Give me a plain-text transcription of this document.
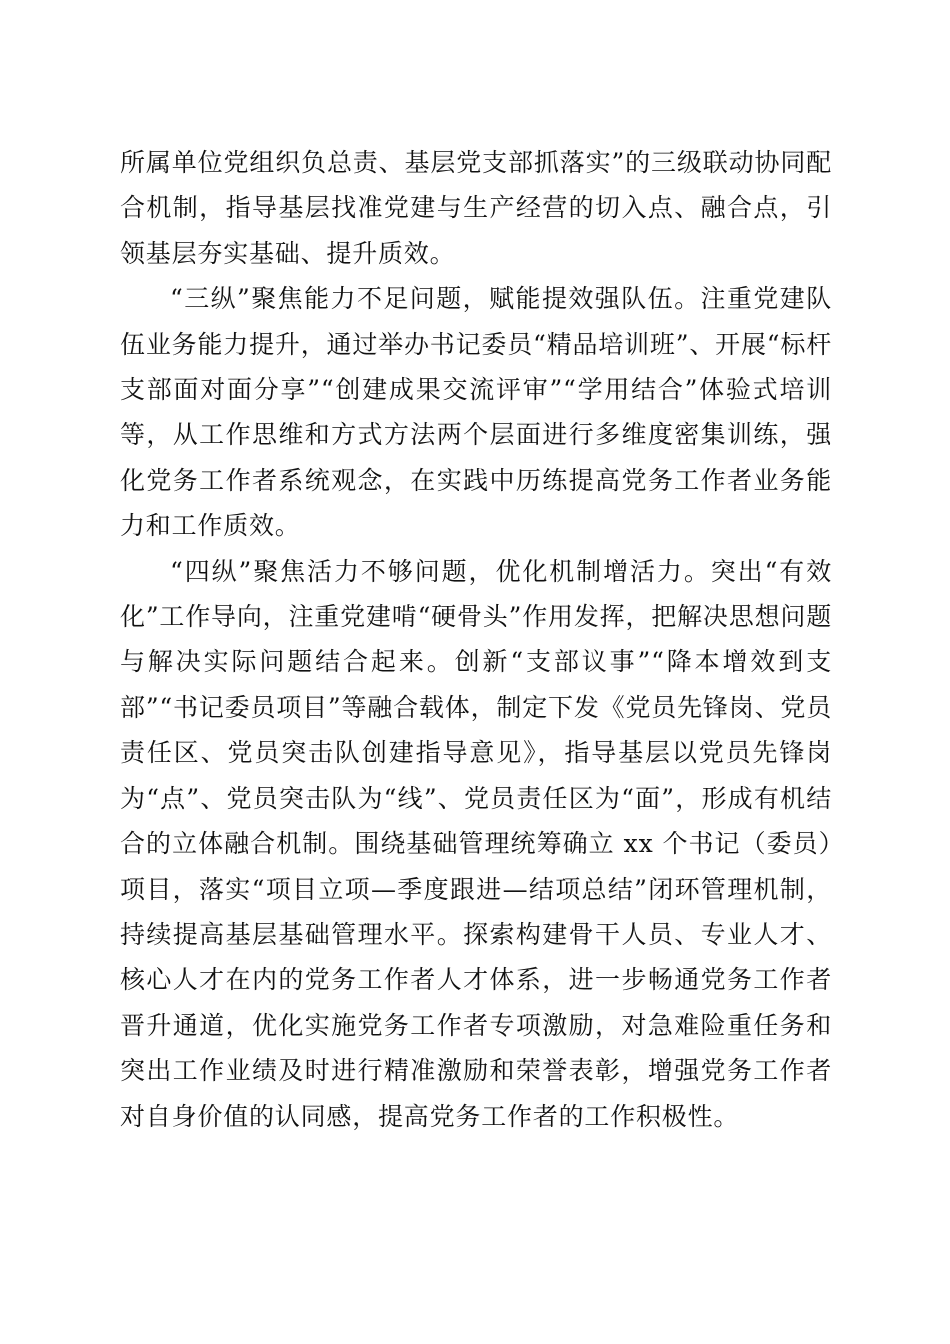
所属单位党组织负总责、基层党支部抓落实”的三级联动协同配合机制，指导基层找准党建与生产经营的切入点、融合点，引领基层夯实基础、提升质效。

“三纵”聚焦能力不足问题，赋能提效强队伍。注重党建队伍业务能力提升，通过举办书记委员“精品培训班”、开展“标杆支部面对面分享”“创建成果交流评审”“学用结合”体验式培训等，从工作思维和方式方法两个层面进行多维度密集训练，强化党务工作者系统观念，在实践中历练提高党务工作者业务能力和工作质效。

“四纵”聚焦活力不够问题，优化机制增活力。突出“有效化”工作导向，注重党建啃“硬骨头”作用发挥，把解决思想问题与解决实际问题结合起来。创新“支部议事”“降本增效到支部”“书记委员项目”等融合载体，制定下发《党员先锋岗、党员责任区、党员突击队创建指导意见》，指导基层以党员先锋岗为“点”、党员突击队为“线”、党员责任区为“面”，形成有机结合的立体融合机制。围绕基础管理统筹确立 xx 个书记（委员）项目，落实“项目立项—季度跟进—结项总结”闭环管理机制，持续提高基层基础管理水平。探索构建骨干人员、专业人才、核心人才在内的党务工作者人才体系，进一步畅通党务工作者晋升通道，优化实施党务工作者专项激励，对急难险重任务和突出工作业绩及时进行精准激励和荣誉表彰，增强党务工作者对自身价值的认同感，提高党务工作者的工作积极性。
